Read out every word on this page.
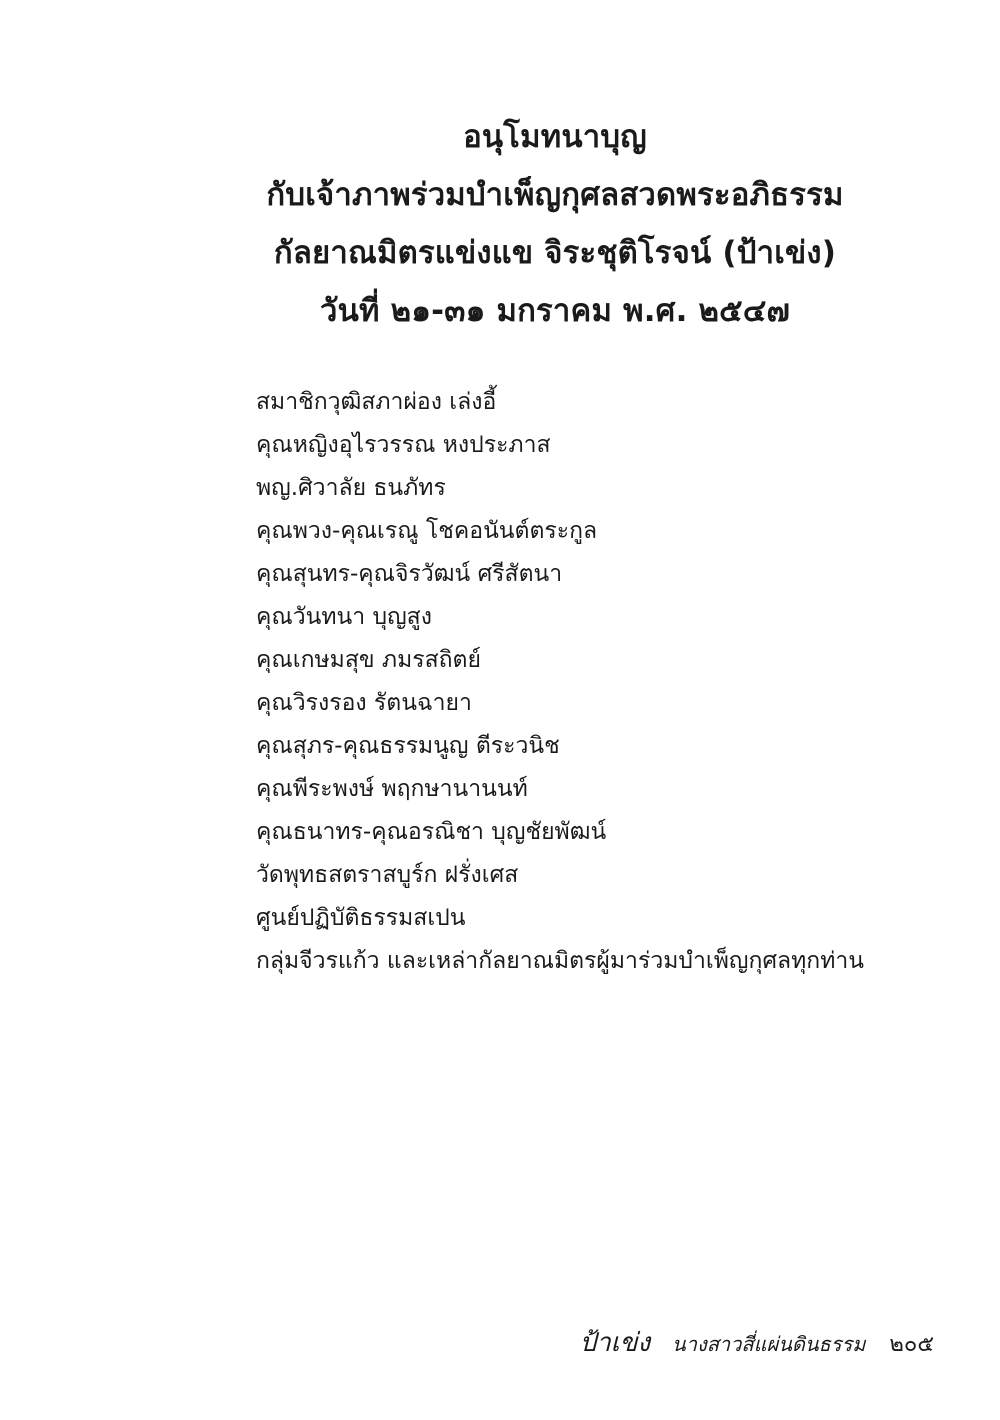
อนุโมทนาบุญ
กับเจ้าภาพร่วมบำเพ็ญกุศลสวดพระอภิธรรม
กัลยาณมิตรแข่งแข จิระชุติโรจน์ (ป้าเข่ง)
วันที่ ๒๑-๓๑ มกราคม พ.ศ. ๒๕๔๗
สมาชิกวุฒิสภาผ่อง เล่งอี้
คุณหญิงอุไรวรรณ หงประภาส
พญ.ศิวาลัย ธนภัทร
คุณพวง-คุณเรณู โชคอนันต์ตระกูล
คุณสุนทร-คุณจิรวัฒน์ ศรีสัตนา
คุณวันทนา บุญสูง
คุณเกษมสุข ภมรสถิตย์
คุณวิรงรอง รัตนฉายา
คุณสุภร-คุณธรรมนูญ ตีระวนิช
คุณพีระพงษ์ พฤกษานานนท์
คุณธนาทร-คุณอรณิชา บุญชัยพัฒน์
วัดพุทธสตราสบูร์ก ฝรั่งเศส
ศูนย์ปฏิบัติธรรมสเปน
กลุ่มจีวรแก้ว และเหล่ากัลยาณมิตรผู้มาร่วมบำเพ็ญกุศลทุกท่าน
ป้าเข่ง นางสาวสี่แผ่นดินธรรม ๒๐๕
